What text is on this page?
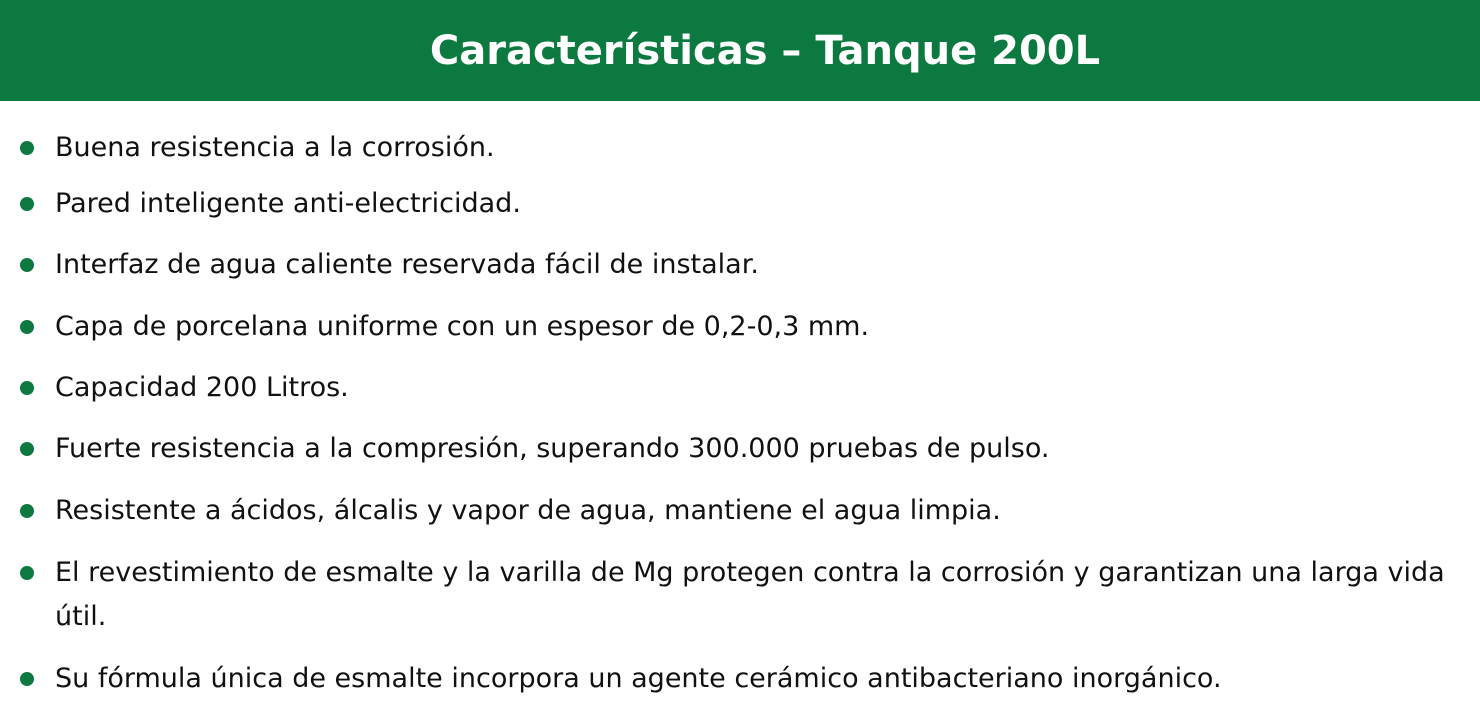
Características – Tanque 200L
Buena resistencia a la corrosión.
Pared inteligente anti-electricidad.
Interfaz de agua caliente reservada fácil de instalar.
Capa de porcelana uniforme con un espesor de 0,2-0,3 mm.
Capacidad 200 Litros.
Fuerte resistencia a la compresión, superando 300.000 pruebas de pulso.
Resistente a ácidos, álcalis y vapor de agua, mantiene el agua limpia.
El revestimiento de esmalte y la varilla de Mg protegen contra la corrosión y garantizan una larga vida útil.
Su fórmula única de esmalte incorpora un agente cerámico antibacteriano inorgánico.
